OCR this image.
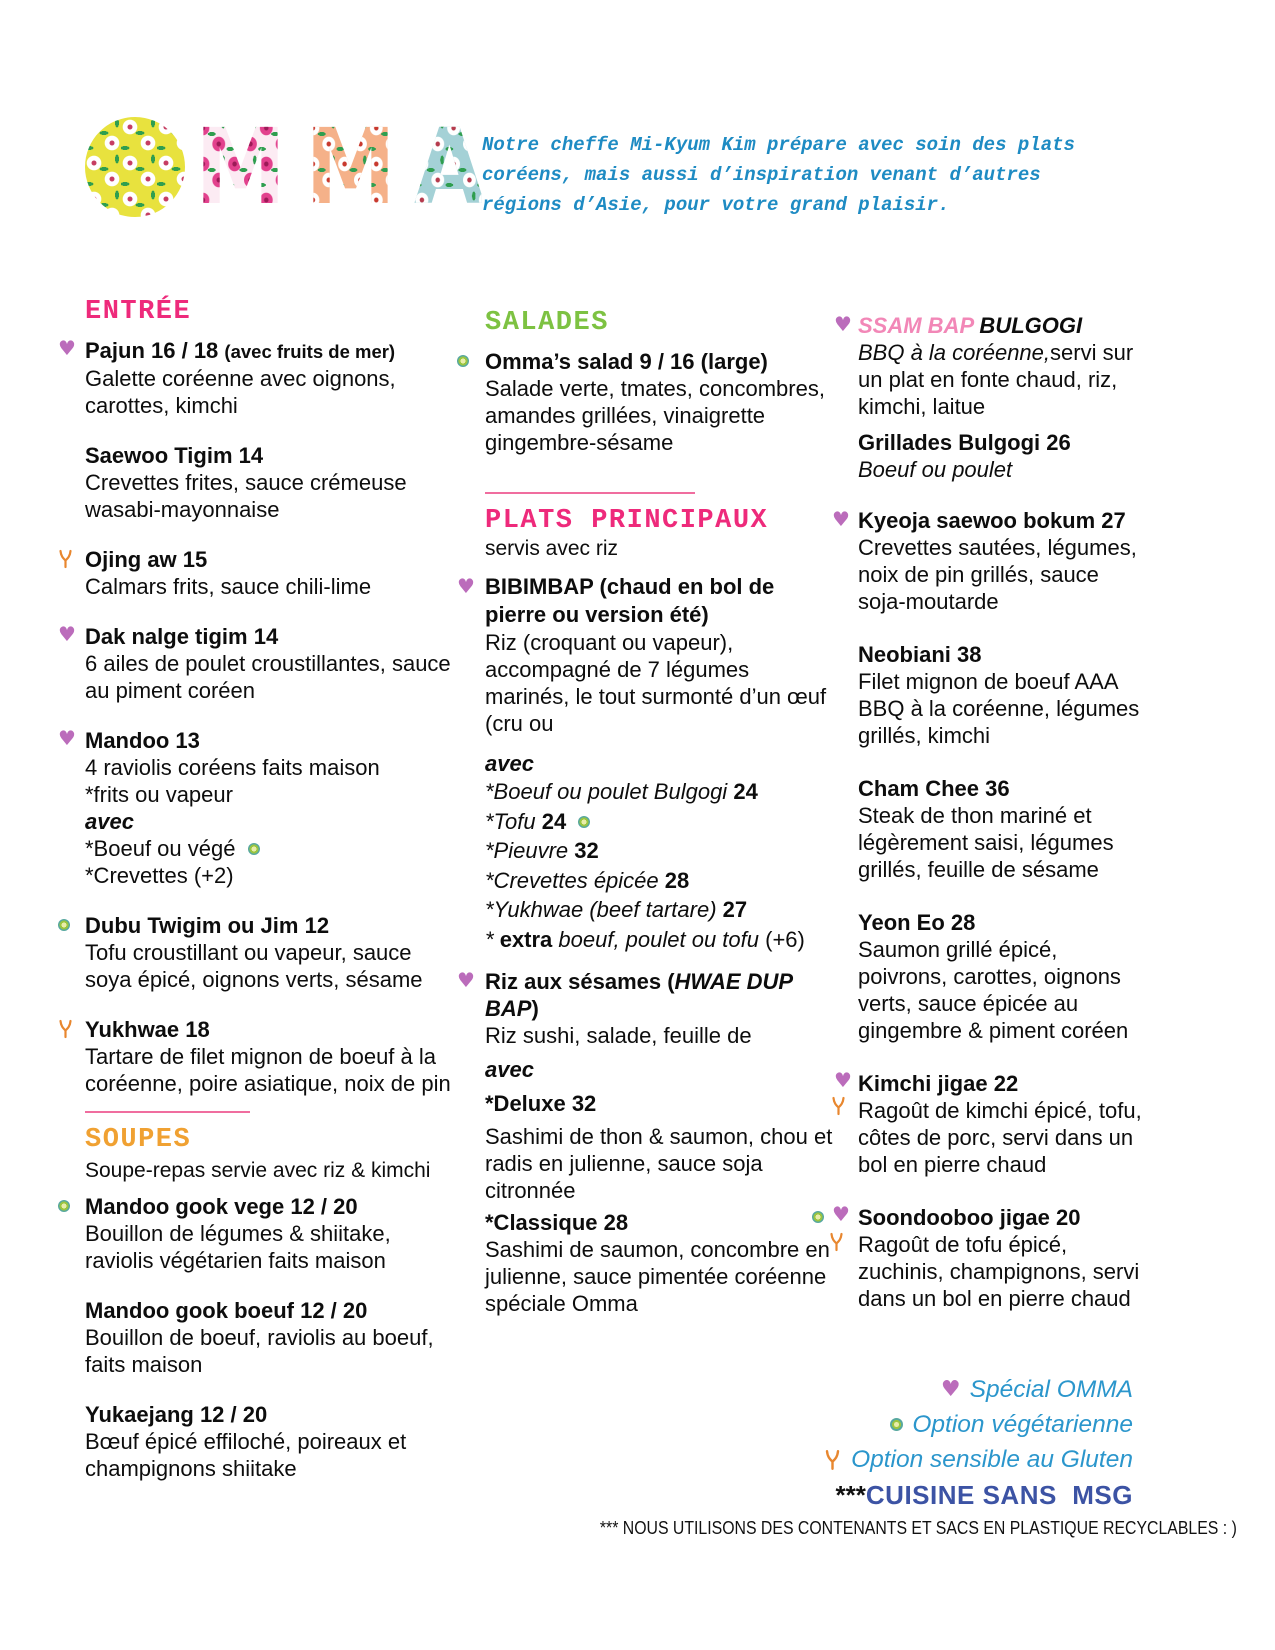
M M A Notre cheffe Mi-Kyum Kim prépare avec soin des plats coréens, mais aussi d’inspiration venant d’autres régions d’Asie, pour votre grand plaisir.
ENTRÉE
♥ Pajun 16 / 18 (avec fruits de mer)
Galette coréenne avec oignons, carottes, kimchi
Saewoo Tigim 14
Crevettes frites, sauce crémeuse wasabi-mayonnaise
Ojing aw 15
Calmars frits, sauce chili-lime
♥ Dak nalge tigim 14
6 ailes de poulet croustillantes, sauce au piment coréen
♥ Mandoo 13
4 raviolis coréens faits maison
*frits ou vapeur
avec
*Boeuf ou végé
*Crevettes (+2)
Dubu Twigim ou Jim 12
Tofu croustillant ou vapeur, sauce soya épicé, oignons verts, sésame
Yukhwae 18
Tartare de filet mignon de boeuf à la coréenne, poire asiatique, noix de pin
SOUPES
Soupe-repas servie avec riz & kimchi
Mandoo gook vege 12 / 20
Bouillon de légumes & shiitake, raviolis végétarien faits maison
Mandoo gook boeuf 12 / 20
Bouillon de boeuf, raviolis au boeuf, faits maison
Yukaejang 12 / 20
Bœuf épicé effiloché, poireaux et champignons shiitake
SALADES
Omma’s salad 9 / 16 (large)
Salade verte, tmates, concombres, amandes grillées, vinaigrette gingembre-sésame
PLATS PRINCIPAUX
servis avec riz
♥ BIBIMBAP (chaud en bol de pierre ou version été)
Riz (croquant ou vapeur), accompagné de 7 légumes marinés, le tout surmonté d’un œuf (cru ou
avec
*Boeuf ou poulet Bulgogi 24
*Tofu 24
*Pieuvre 32
*Crevettes épicée 28
*Yukhwae (beef tartare) 27
* extra boeuf, poulet ou tofu (+6)
♥ Riz aux sésames (HWAE DUP BAP)
Riz sushi, salade, feuille de
avec
*Deluxe 32
Sashimi de thon & saumon, chou et radis en julienne, sauce soja citronnée
*Classique 28
Sashimi de saumon, concombre en julienne, sauce pimentée coréenne spéciale Omma
♥ SSAM BAP BULGOGI
BBQ à la coréenne,servi sur un plat en fonte chaud, riz, kimchi, laitue
Grillades Bulgogi 26
Boeuf ou poulet
♥ Kyeoja saewoo bokum 27
Crevettes sautées, légumes, noix de pin grillés, sauce soja-moutarde
Neobiani 38
Filet mignon de boeuf AAA BBQ à la coréenne, légumes grillés, kimchi
Cham Chee 36
Steak de thon mariné et légèrement saisi, légumes grillés, feuille de sésame
Yeon Eo 28
Saumon grillé épicé, poivrons, carottes, oignons verts, sauce épicée au gingembre & piment coréen
♥ Kimchi jigae 22
Ragoût de kimchi épicé, tofu, côtes de porc, servi dans un bol en pierre chaud
♥ Soondooboo jigae 20
Ragoût de tofu épicé, zuchinis, champignons, servi dans un bol en pierre chaud
♥ Spécial OMMA
Option végétarienne
Option sensible au Gluten
***CUISINE SANS  MSG
*** NOUS UTILISONS DES CONTENANTS ET SACS EN PLASTIQUE RECYCLABLES : )
